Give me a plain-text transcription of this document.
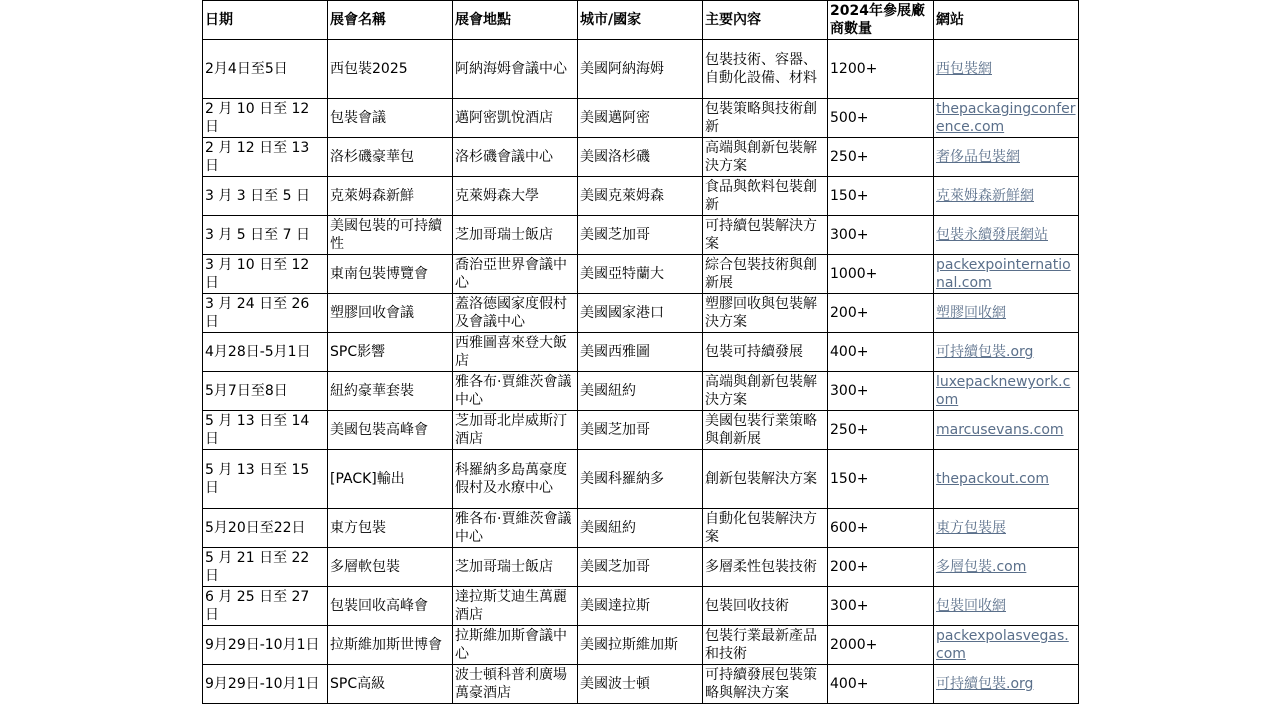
日期	展會名稱	展會地點	城市/國家	主要內容	2024年參展廠商數量	網站
2月4日至5日	西包裝2025	阿納海姆會議中心	美國阿納海姆	包裝技術、容器、自動化設備、材料	1200+	西包裝網
2 月 10 日至 12 日	包裝會議	邁阿密凱悅酒店	美國邁阿密	包裝策略與技術創新	500+	thepackagingconference.com
2 月 12 日至 13 日	洛杉磯豪華包	洛杉磯會議中心	美國洛杉磯	高端與創新包裝解決方案	250+	奢侈品包裝網
3 月 3 日至 5 日	克萊姆森新鮮	克萊姆森大學	美國克萊姆森	食品與飲料包裝創新	150+	克萊姆森新鮮網
3 月 5 日至 7 日	美國包裝的可持續性	芝加哥瑞士飯店	美國芝加哥	可持續包裝解決方案	300+	包裝永續發展網站
3 月 10 日至 12 日	東南包裝博覽會	喬治亞世界會議中心	美國亞特蘭大	綜合包裝技術與創新展	1000+	packexpointernational.com
3 月 24 日至 26 日	塑膠回收會議	蓋洛德國家度假村及會議中心	美國國家港口	塑膠回收與包裝解決方案	200+	塑膠回收網
4月28日-5月1日	SPC影響	西雅圖喜來登大飯店	美國西雅圖	包裝可持續發展	400+	可持續包裝.org
5月7日至8日	紐約豪華套裝	雅各布·賈維茨會議中心	美國紐約	高端與創新包裝解決方案	300+	luxepacknewyork.com
5 月 13 日至 14 日	美國包裝高峰會	芝加哥北岸威斯汀酒店	美國芝加哥	美國包裝行業策略與創新展	250+	marcusevans.com
5 月 13 日至 15 日	[PACK]輸出	科羅納多島萬豪度假村及水療中心	美國科羅納多	創新包裝解決方案	150+	thepackout.com
5月20日至22日	東方包裝	雅各布·賈維茨會議中心	美國紐約	自動化包裝解決方案	600+	東方包裝展
5 月 21 日至 22 日	多層軟包裝	芝加哥瑞士飯店	美國芝加哥	多層柔性包裝技術	200+	多層包裝.com
6 月 25 日至 27 日	包裝回收高峰會	達拉斯艾迪生萬麗酒店	美國達拉斯	包裝回收技術	300+	包裝回收網
9月29日-10月1日	拉斯維加斯世博會	拉斯維加斯會議中心	美國拉斯維加斯	包裝行業最新產品和技術	2000+	packexpolasvegas.com
9月29日-10月1日	SPC高級	波士頓科普利廣場萬豪酒店	美國波士頓	可持續發展包裝策略與解決方案	400+	可持續包裝.org
